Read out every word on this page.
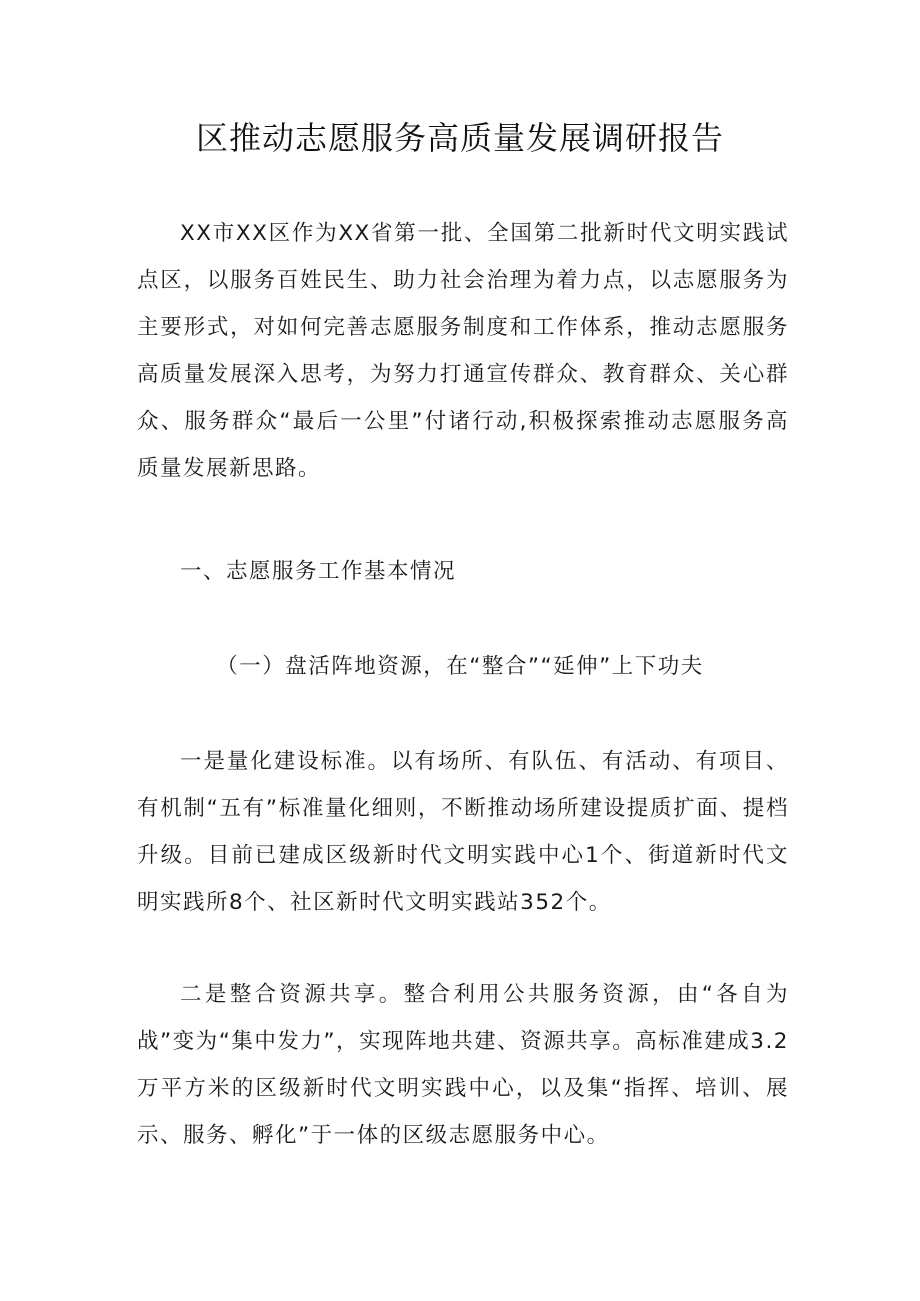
区推动志愿服务高质量发展调研报告

XX市XX区作为XX省第一批、全国第二批新时代文明实践试点区，以服务百姓民生、助力社会治理为着力点，以志愿服务为主要形式，对如何完善志愿服务制度和工作体系，推动志愿服务高质量发展深入思考，为努力打通宣传群众、教育群众、关心群众、服务群众“最后一公里”付诸行动,积极探索推动志愿服务高质量发展新思路。

一、志愿服务工作基本情况

（一）盘活阵地资源，在“整合”“延伸”上下功夫

一是量化建设标准。以有场所、有队伍、有活动、有项目、有机制“五有”标准量化细则，不断推动场所建设提质扩面、提档升级。目前已建成区级新时代文明实践中心1个、街道新时代文明实践所8个、社区新时代文明实践站352个。

二是整合资源共享。整合利用公共服务资源，由“各自为战”变为“集中发力”，实现阵地共建、资源共享。高标准建成3.2万平方米的区级新时代文明实践中心，以及集“指挥、培训、展示、服务、孵化”于一体的区级志愿服务中心。
